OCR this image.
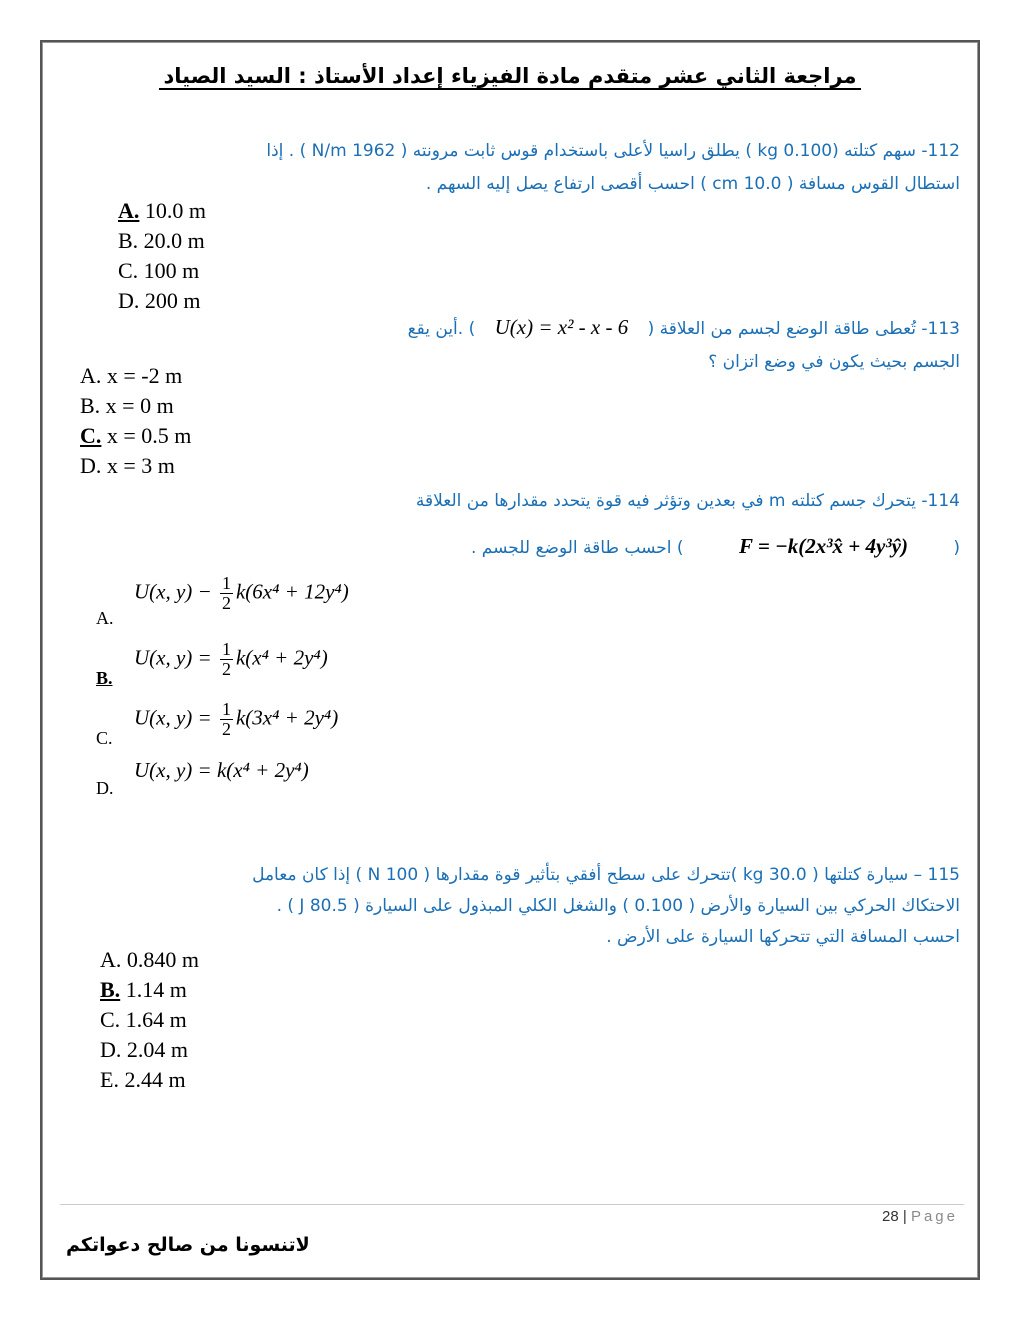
مراجعة الثاني عشر متقدم مادة الفيزياء إعداد الأستاذ : السيد الصياد
112- سهم كتلته (0.100 kg ) يطلق راسيا لأعلى باستخدام قوس ثابت مرونته ( 1962 N/m ) . إذا
استطال القوس مسافة ( 10.0 cm ) احسب أقصى ارتفاع يصل إليه السهم .
A. 10.0 m
B. 20.0 m
C. 100 m
D. 200 m
113- تُعطى طاقة الوضع لجسم من العلاقة ( U(x) = x² - x - 6 ) .أين يقع
الجسم بحيث يكون في وضع اتزان ؟
A. x = -2 m
B. x = 0 m
C. x = 0.5 m
D. x = 3 m
114- يتحرك جسم كتلته m في بعدين وتؤثر فيه قوة يتحدد مقدارها من العلاقة
( F = −k(2x³x̂ + 4y³ŷ) ) احسب طاقة الوضع للجسم .
U(x, $y) - \frac{1}{2} k(6x^4 + 12y^4)$
A.
U(x, $y) = \frac{1}{2} k(x^4 + 2y^4)$
B.
U(x, $y) = \frac{1}{2} k(3x^4 + 2y^4)$
C.
U(x, y) = k(x⁴ + 2y⁴)
D.
115 – سيارة كتلتها ( 30.0 kg )تتحرك على سطح أفقي بتأثير قوة مقدارها ( 100 N ) إذا كان معامل
الاحتكاك الحركي بين السيارة والأرض ( 0.100 ) والشغل الكلي المبذول على السيارة ( 80.5 J ) .
احسب المسافة التي تتحركها السيارة على الأرض .
A. 0.840 m
B. 1.14 m
C. 1.64 m
D. 2.04 m
E. 2.44 m
28 | Page
لاتنسونا من صالح دعواتكم
